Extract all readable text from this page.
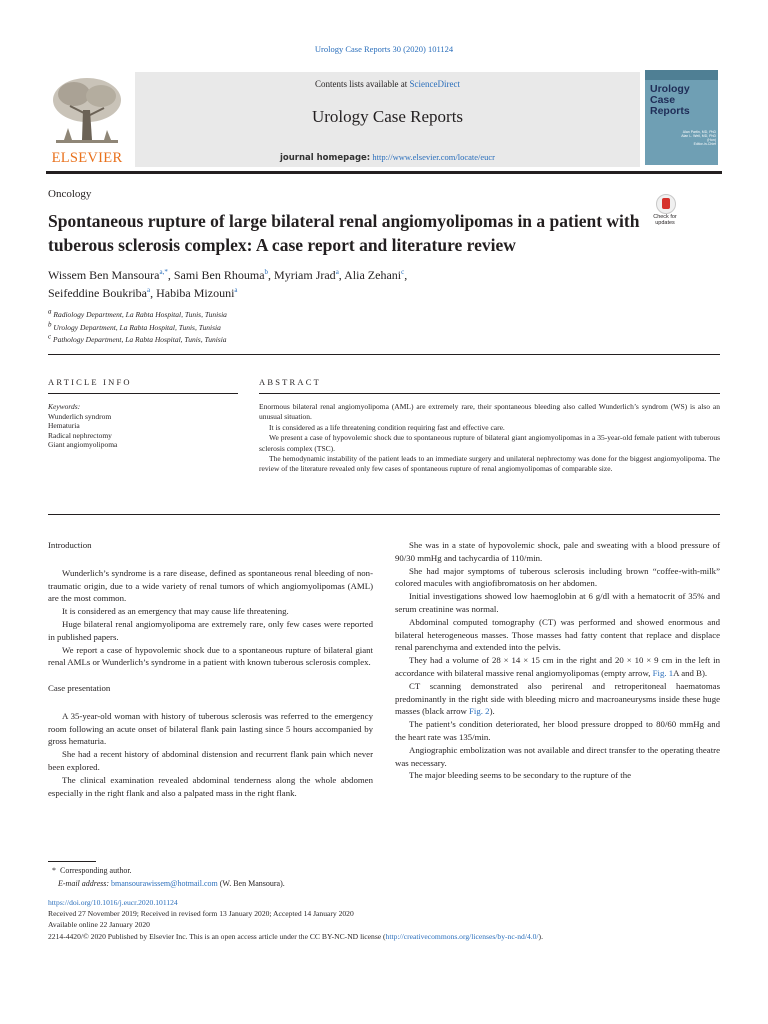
Urology Case Reports 30 (2020) 101124
Contents lists available at ScienceDirect
Urology Case Reports
journal homepage: http://www.elsevier.com/locate/eucr
ELSEVIER
Urology
Case
Reports
Alan Partin, MD, PhD
Alan L. Weil, MD, PhD (Hon)
Editor-in-Chief
Oncology
Spontaneous rupture of large bilateral renal angiomyolipomas in a patient with tuberous sclerosis complex: A case report and literature review
Check for updates
Wissem Ben Mansoura$^{a,*}$, Sami Ben Rhouma$^b$, Myriam Jrad$^a$, Alia Zehani$^c$,
Seifeddine Boukriba$^a$, Habiba Mizouni$^a$
$^a$ Radiology Department, La Rabta Hospital, Tunis, Tunisia
$^b$ Urology Department, La Rabta Hospital, Tunis, Tunisia
$^c$ Pathology Department, La Rabta Hospital, Tunis, Tunisia
ARTICLE INFO	ABSTRACT
Keywords:
Wunderlich syndrom
Hematuria
Radical nephrectomy
Giant angiomyolipoma

Enormous bilateral renal angiomyolipoma (AML) are extremely rare, their spontaneous bleeding also called Wunderlich’s syndrom (WS) is also an unusual situation.

It is considered as a life threatening condition requiring fast and effective care.

We present a case of hypovolemic shock due to spontaneous rupture of bilateral giant angiomyolipomas in a 35-year-old female patient with tuberous sclerosis complex (TSC).

The hemodynamic instability of the patient leads to an immediate surgery and unilateral nephrectomy was done for the biggest angiomyolipoma. The review of the literature revealed only few cases of spontaneous rupture of renal angiomyolipomas of comparable size.

Introduction

Wunderlich’s syndrome is a rare disease, defined as spontaneous renal bleeding of non-traumatic origin, due to a wide variety of renal tumors of which angiomyolipomas (AML) are the most common.

It is considered as an emergency that may cause life threatening.

Huge bilateral renal angiomyolipoma are extremely rare, only few cases were reported in published papers.

We report a case of hypovolemic shock due to a spontaneous rupture of bilateral giant renal AMLs or Wunderlich’s syndrome in a patient with known tuberous sclerosis complex.

Case presentation

A 35-year-old woman with history of tuberous sclerosis was referred to the emergency room following an acute onset of bilateral flank pain lasting since 5 hours accompanied by gross hematuria.

She had a recent history of abdominal distension and recurrent flank pain which never been explored.

The clinical examination revealed abdominal tenderness along the whole abdomen especially in the right flank and also a palpated mass in the right flank.

She was in a state of hypovolemic shock, pale and sweating with a blood pressure of 90/30 mmHg and tachycardia of 110/min.

She had major symptoms of tuberous sclerosis including brown “coffee-with-milk” colored macules with angiofibromatosis on her abdomen.

Initial investigations showed low haemoglobin at 6 g/dl with a hematocrit of 35% and serum creatinine was normal.

Abdominal computed tomography (CT) was performed and showed enormous and bilateral heterogeneous masses. Those masses had fatty content that replace and displace renal parenchyma and extended into the pelvis.

They had a volume of 28 × 14 × 15 cm in the right and 20 × 10 × 9 cm in the left in accordance with bilateral massive renal angiomyolipomas (empty arrow, Fig. 1A and B).

CT scanning demonstrated also perirenal and retroperitoneal haematomas predominantly in the right side with bleeding micro and macroaneurysms inside these huge masses (black arrow Fig. 2).

The patient’s condition deteriorated, her blood pressure dropped to 80/60 mmHg and the heart rate was 135/min.

Angiographic embolization was not available and direct transfer to the operating theatre was necessary.

The major bleeding seems to be secondary to the rupture of the

* Corresponding author.
E-mail address: bmansourawissem@hotmail.com (W. Ben Mansoura).
https://doi.org/10.1016/j.eucr.2020.101124
Received 27 November 2019; Received in revised form 13 January 2020; Accepted 14 January 2020
Available online 22 January 2020
2214-4420/© 2020 Published by Elsevier Inc. This is an open access article under the CC BY-NC-ND license (http://creativecommons.org/licenses/by-nc-nd/4.0/).
